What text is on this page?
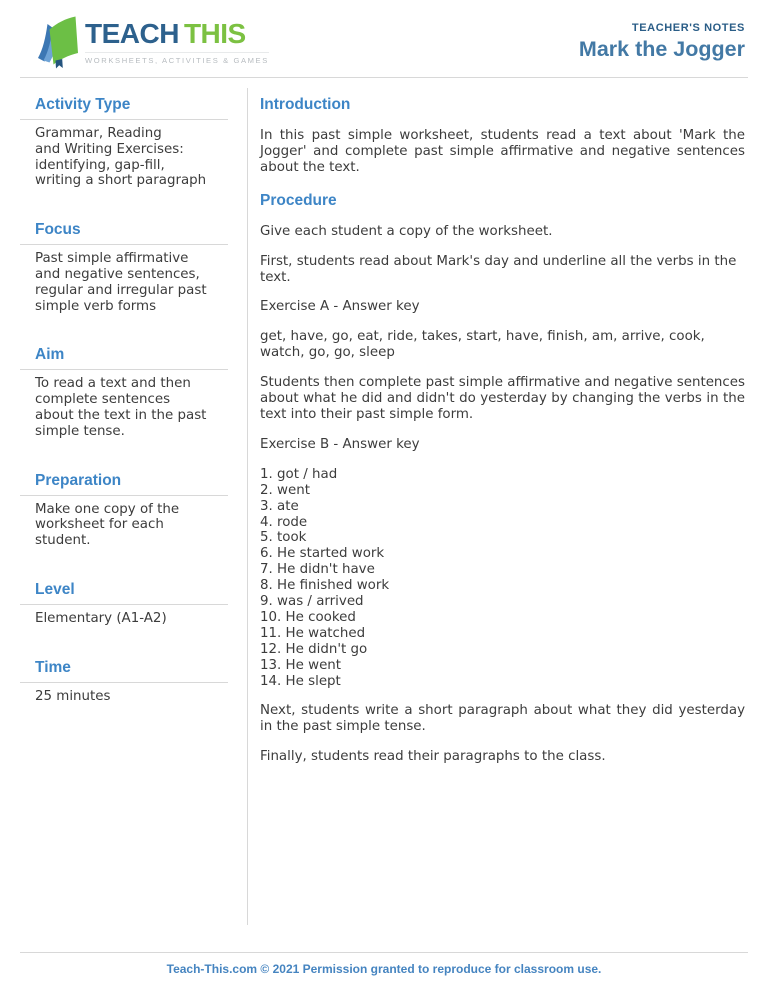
TEACH THIS
WORKSHEETS, ACTIVITIES & GAMES
TEACHER'S NOTES
Mark the Jogger
Activity Type
Grammar, Reading
and Writing Exercises:
identifying, gap-fill,
writing a short paragraph
Focus
Past simple affirmative
and negative sentences,
regular and irregular past
simple verb forms
Aim
To read a text and then
complete sentences
about the text in the past
simple tense.
Preparation
Make one copy of the
worksheet for each
student.
Level
Elementary (A1-A2)
Time
25 minutes
Introduction

In this past simple worksheet, students read a text about 'Mark the Jogger' and complete past simple affirmative and negative sentences about the text.

Procedure

Give each student a copy of the worksheet.

First, students read about Mark's day and underline all the verbs in the text.

Exercise A - Answer key

get, have, go, eat, ride, takes, start, have, finish, am, arrive, cook, watch, go, go, sleep

Students then complete past simple affirmative and negative sentences about what he did and didn't do yesterday by changing the verbs in the text into their past simple form.

Exercise B - Answer key

1. got / had
2. went
3. ate
4. rode
5. took
6. He started work
7. He didn't have
8. He finished work
9. was / arrived
10. He cooked
11. He watched
12. He didn't go
13. He went
14. He slept

Next, students write a short paragraph about what they did yesterday in the past simple tense.

Finally, students read their paragraphs to the class.

Teach-This.com © 2021 Permission granted to reproduce for classroom use.
